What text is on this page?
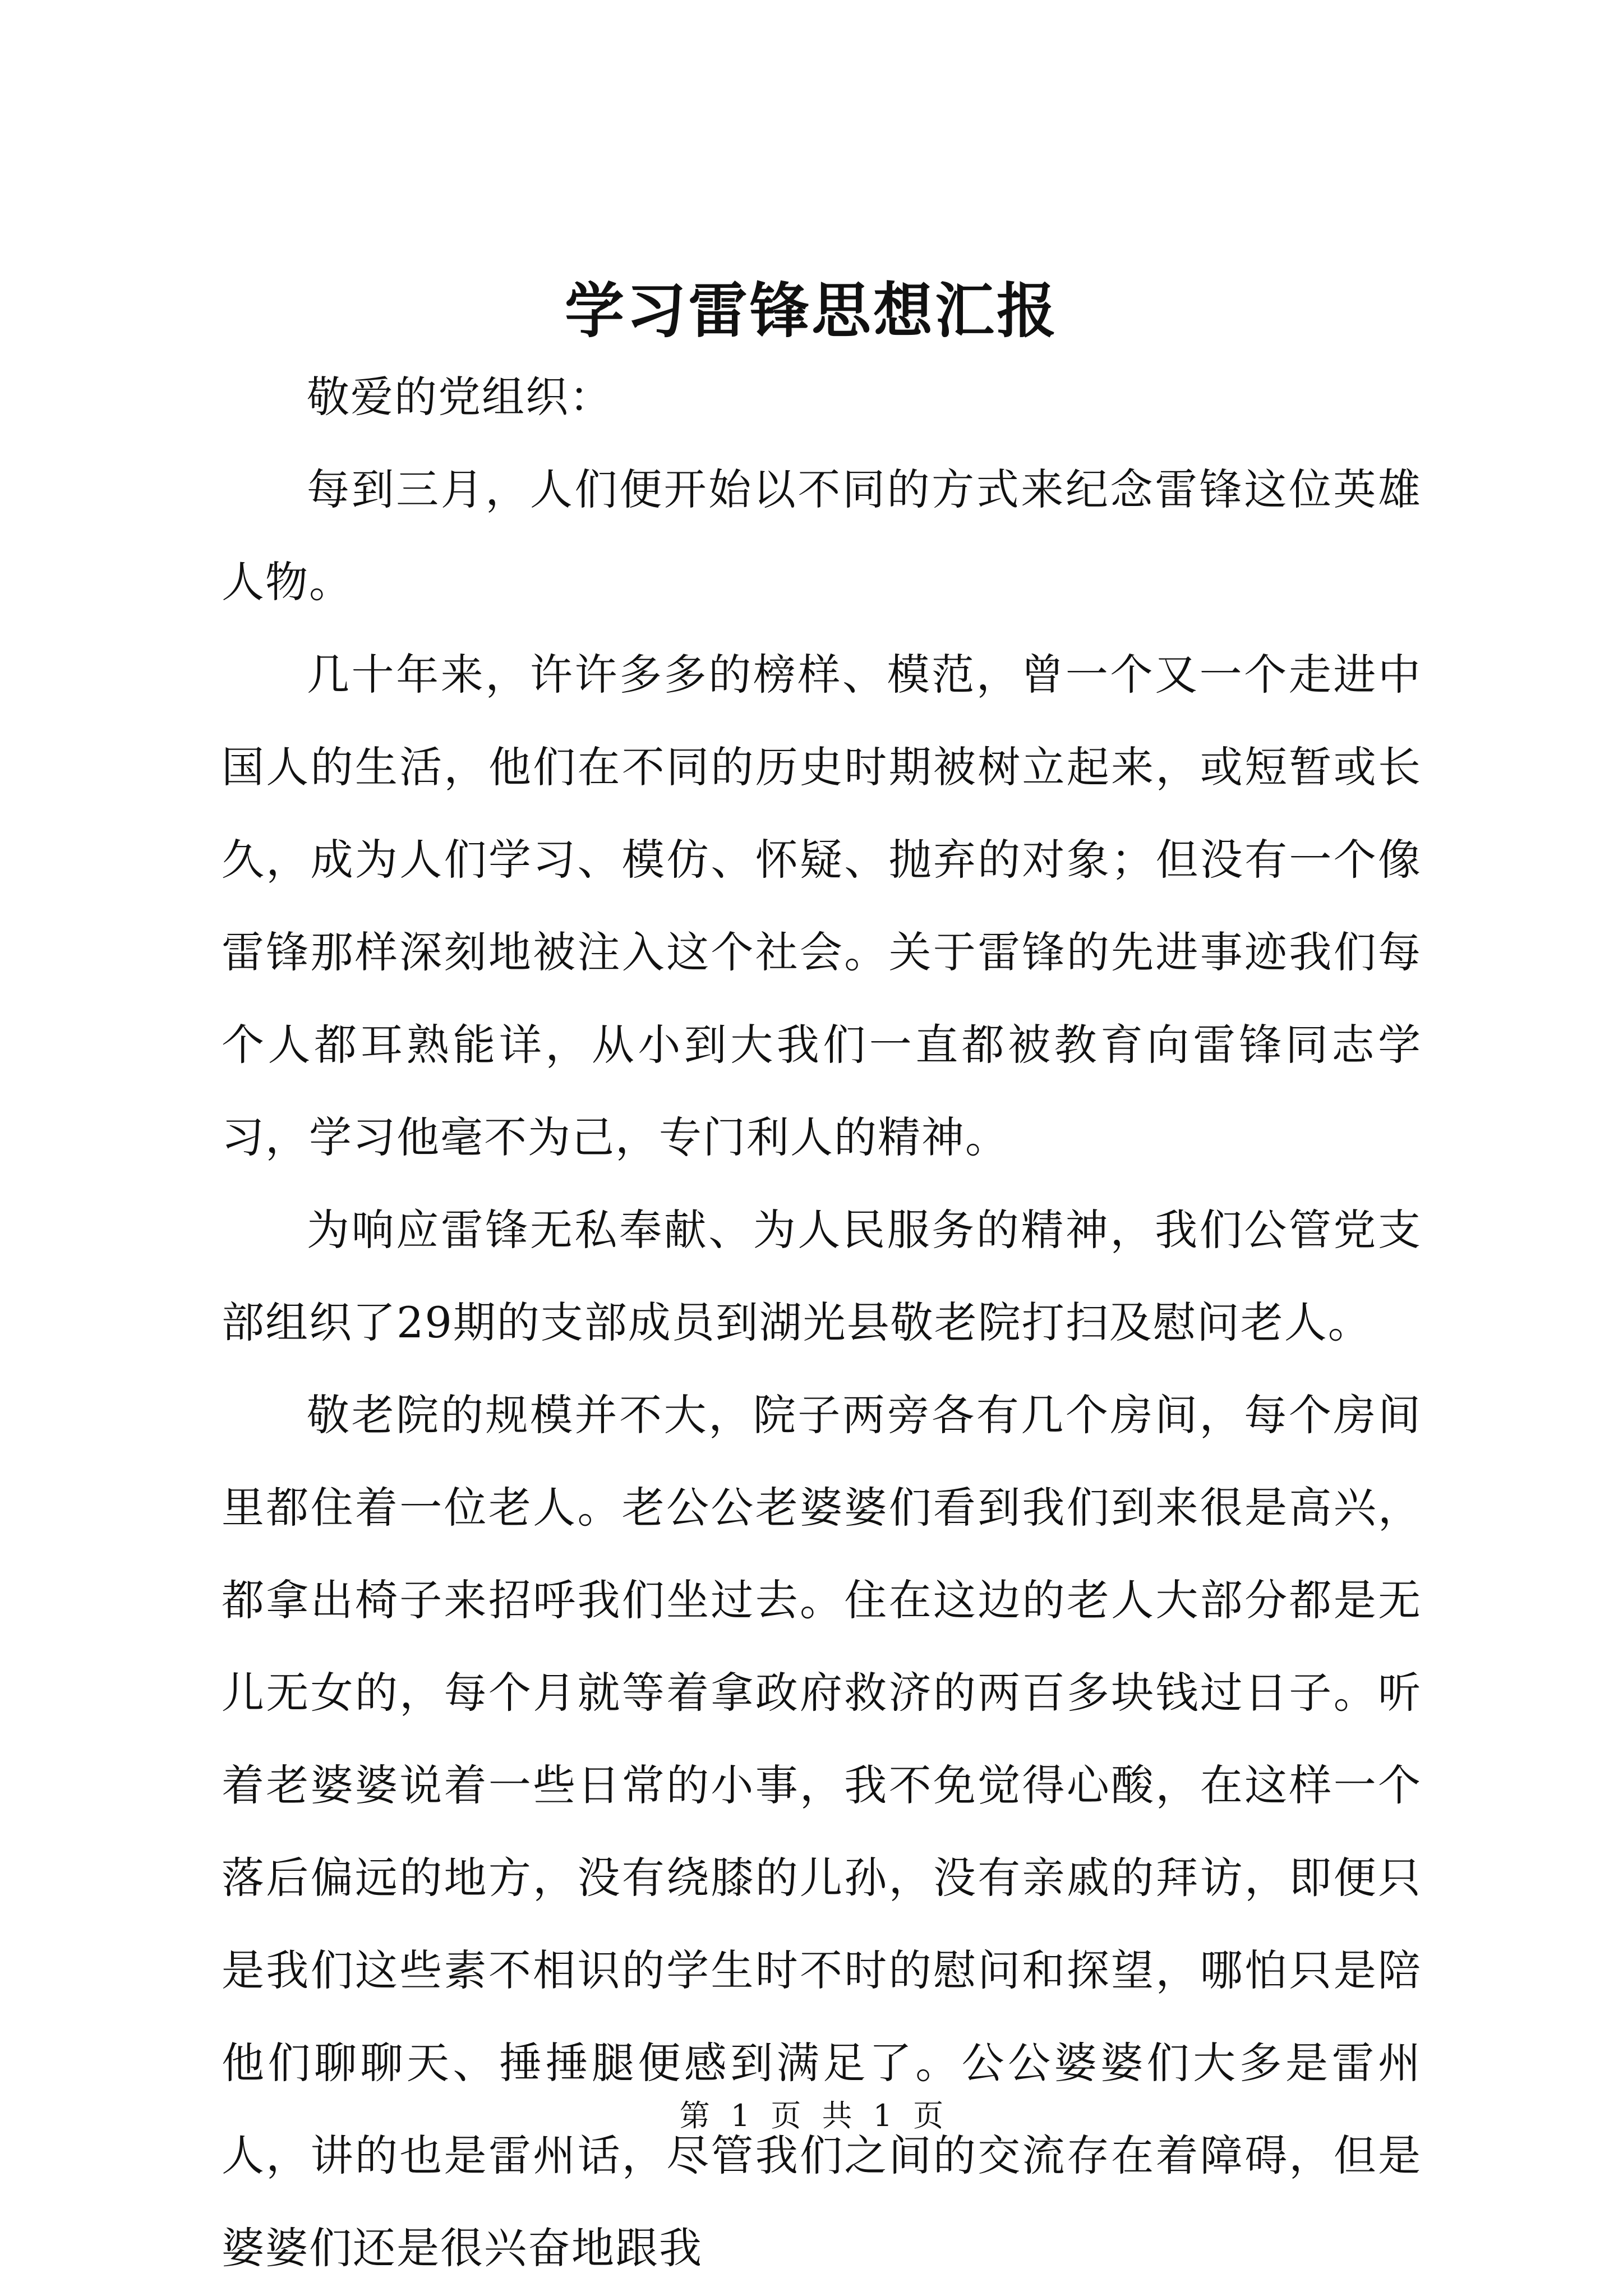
学习雷锋思想汇报

敬爱的党组织：

每到三月，人们便开始以不同的方式来纪念雷锋这位英雄人物。

几十年来，许许多多的榜样、模范，曾一个又一个走进中国人的生活，他们在不同的历史时期被树立起来，或短暂或长久，成为人们学习、模仿、怀疑、抛弃的对象；但没有一个像雷锋那样深刻地被注入这个社会。关于雷锋的先进事迹我们每个人都耳熟能详，从小到大我们一直都被教育向雷锋同志学习，学习他毫不为己，专门利人的精神。

为响应雷锋无私奉献、为人民服务的精神，我们公管党支部组织了29期的支部成员到湖光县敬老院打扫及慰问老人。

敬老院的规模并不大，院子两旁各有几个房间，每个房间里都住着一位老人。老公公老婆婆们看到我们到来很是高兴，都拿出椅子来招呼我们坐过去。住在这边的老人大部分都是无儿无女的，每个月就等着拿政府救济的两百多块钱过日子。听着老婆婆说着一些日常的小事，我不免觉得心酸，在这样一个落后偏远的地方，没有绕膝的儿孙，没有亲戚的拜访，即便只是我们这些素不相识的学生时不时的慰问和探望，哪怕只是陪他们聊聊天、捶捶腿便感到满足了。公公婆婆们大多是雷州人，讲的也是雷州话，尽管我们之间的交流存在着障碍，但是婆婆们还是很兴奋地跟我

第 1 页 共 1 页
